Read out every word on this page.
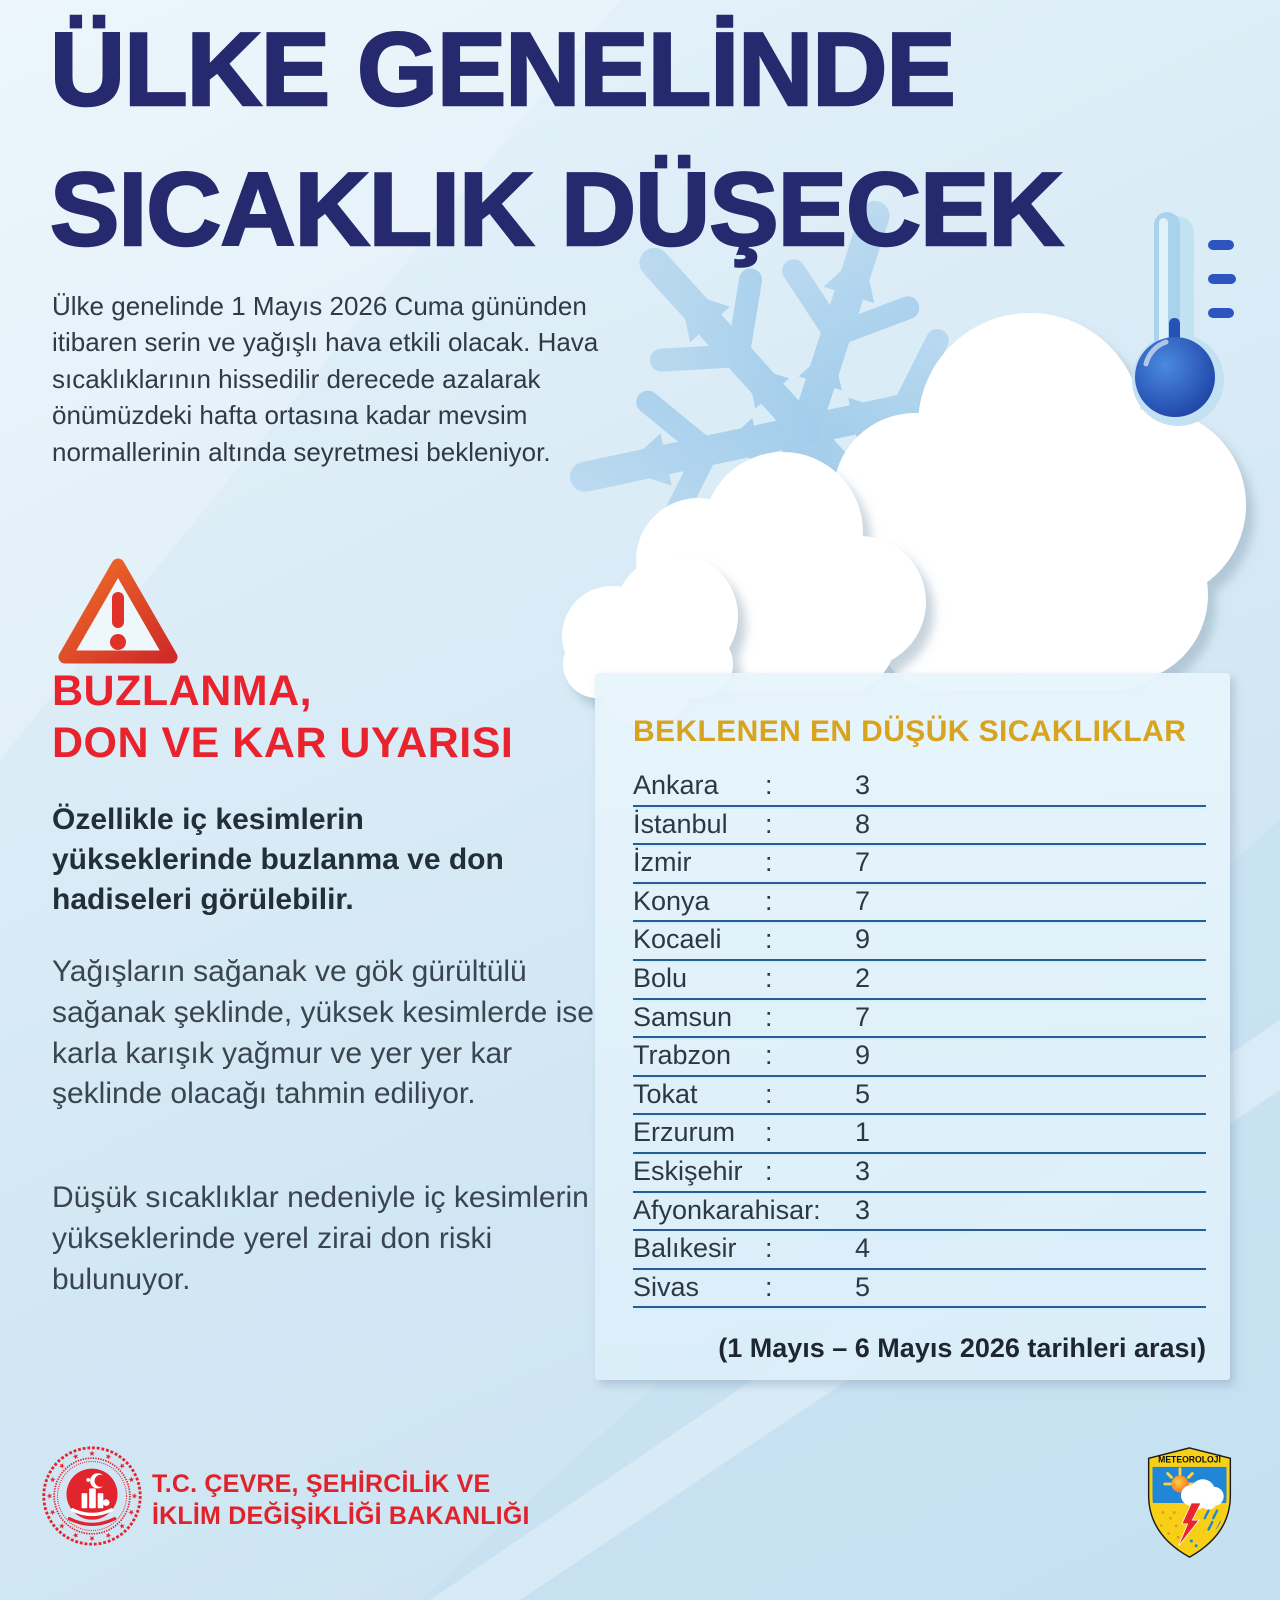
ÜLKE GENELİNDE
SICAKLIK DÜŞECEK
Ülke genelinde 1 Mayıs 2026 Cuma gününden itibaren serin ve yağışlı hava etkili olacak. Hava sıcaklıklarının hissedilir derecede azalarak önümüzdeki hafta ortasına kadar mevsim normallerinin altında seyretmesi bekleniyor.
BUZLANMA,
DON VE KAR UYARISI
Özellikle iç kesimlerin yükseklerinde buzlanma ve don hadiseleri görülebilir.
Yağışların sağanak ve gök gürültülü sağanak şeklinde, yüksek kesimlerde ise karla karışık yağmur ve yer yer kar şeklinde olacağı tahmin ediliyor.
Düşük sıcaklıklar nedeniyle iç kesimlerin yükseklerinde yerel zirai don riski bulunuyor.
BEKLENEN EN DÜŞÜK SICAKLIKLAR
Ankara :	3
İstanbul :	8
İzmir	:	7
Konya :	7
Kocaeli :	9
Bolu	:	2
Samsun :	7
Trabzon :	9
Tokat :	5
Erzurum :	1
Eskişehir :	3
Afyonkarahisar: 3
Balıkesir :	4
Sivas :	5
(1 Mayıs – 6 Mayıs 2026 tarihleri arası)
★ ★
★
★
★
★
★
★
★
★
★
★
★
★
★
★
T.C. ÇEVRE, ŞEHİRCİLİK VE
İKLİM DEĞİŞİKLİĞİ BAKANLIĞI
METEOROLOJİ
